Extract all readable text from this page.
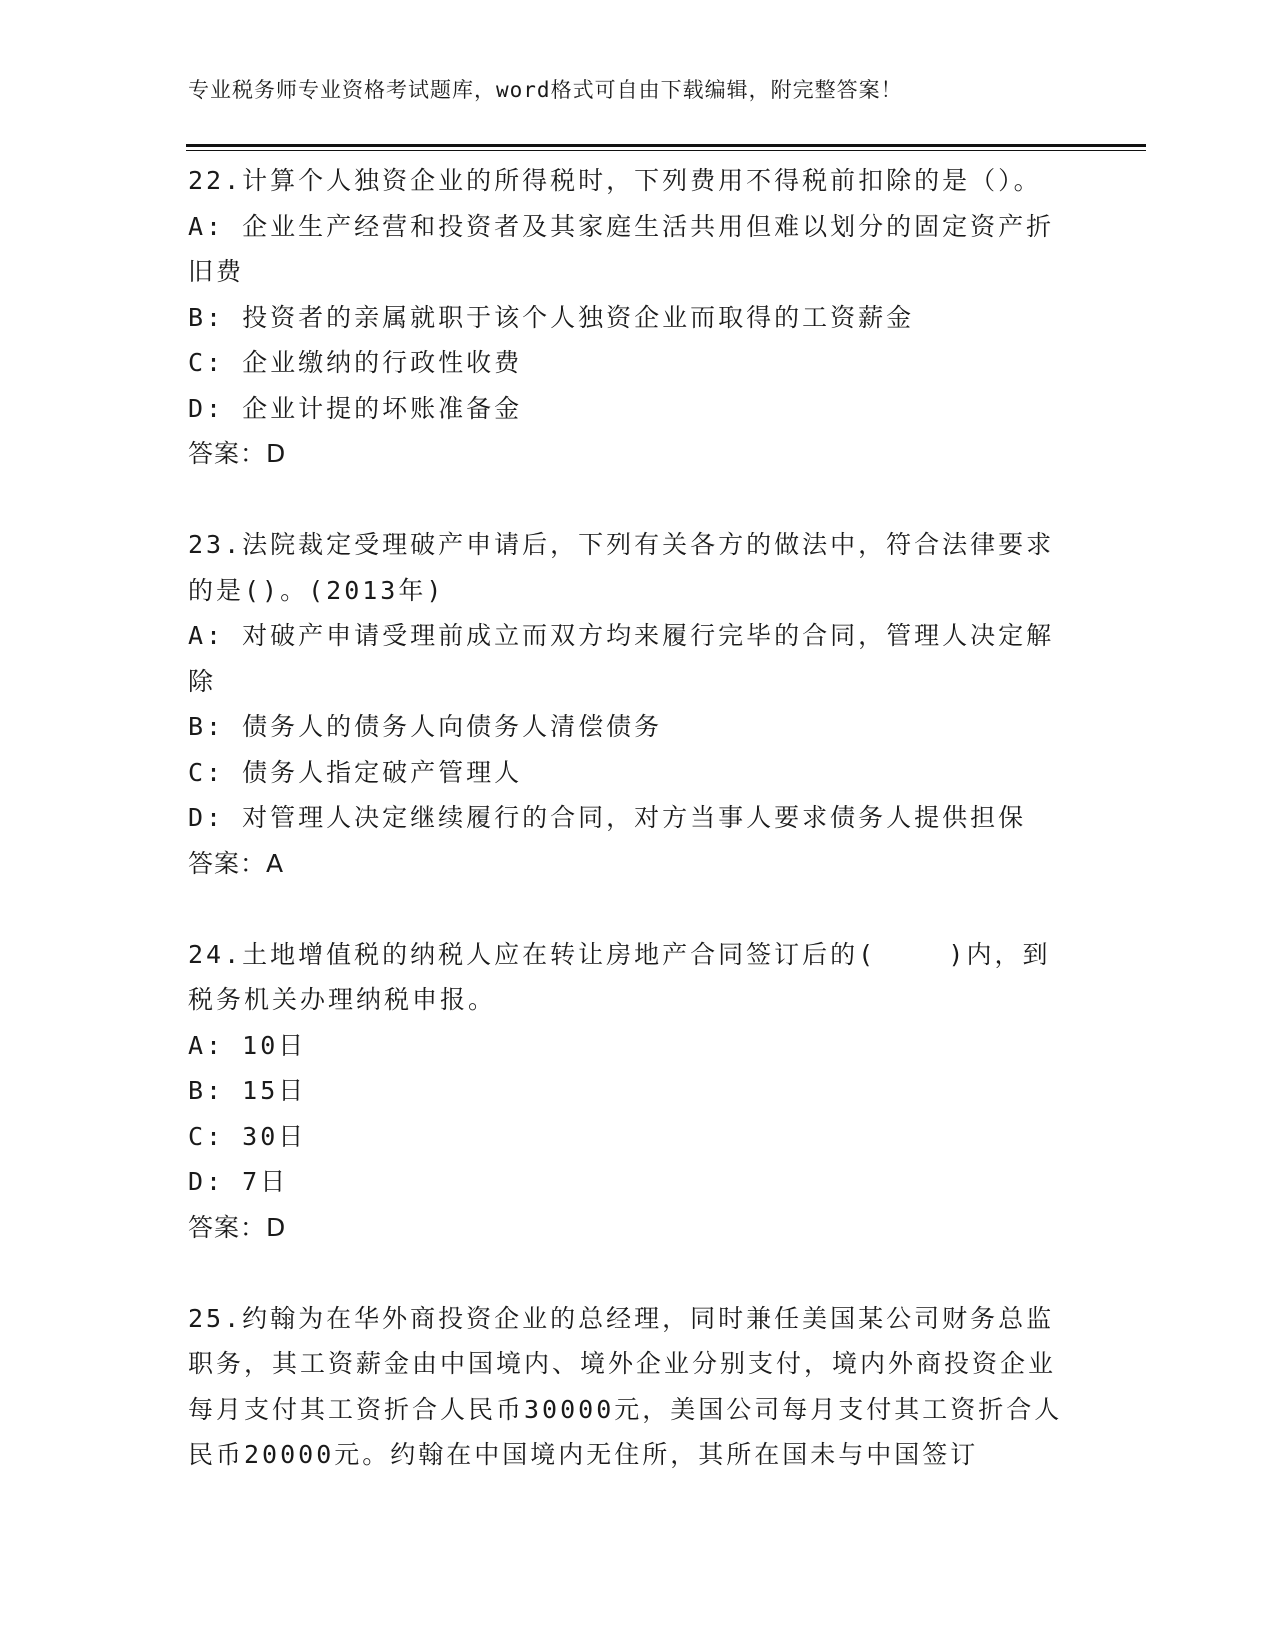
专业税务师专业资格考试题库，word格式可自由下载编辑，附完整答案！
22.计算个人独资企业的所得税时，下列费用不得税前扣除的是（）。
A: 企业生产经营和投资者及其家庭生活共用但难以划分的固定资产折旧费
B: 投资者的亲属就职于该个人独资企业而取得的工资薪金
C: 企业缴纳的行政性收费
D: 企业计提的坏账准备金
答案：D
23.法院裁定受理破产申请后，下列有关各方的做法中，符合法律要求的是()。(2013年)
A: 对破产申请受理前成立而双方均来履行完毕的合同，管理人决定解除
B: 债务人的债务人向债务人清偿债务
C: 债务人指定破产管理人
D: 对管理人决定继续履行的合同，对方当事人要求债务人提供担保
答案：A
24.土地增值税的纳税人应在转让房地产合同签订后的(    )内，到税务机关办理纳税申报。
A: 10日
B: 15日
C: 30日
D: 7日
答案：D
25.约翰为在华外商投资企业的总经理，同时兼任美国某公司财务总监职务，其工资薪金由中国境内、境外企业分别支付，境内外商投资企业每月支付其工资折合人民币30000元，美国公司每月支付其工资折合人民币20000元。约翰在中国境内无住所，其所在国未与中国签订
